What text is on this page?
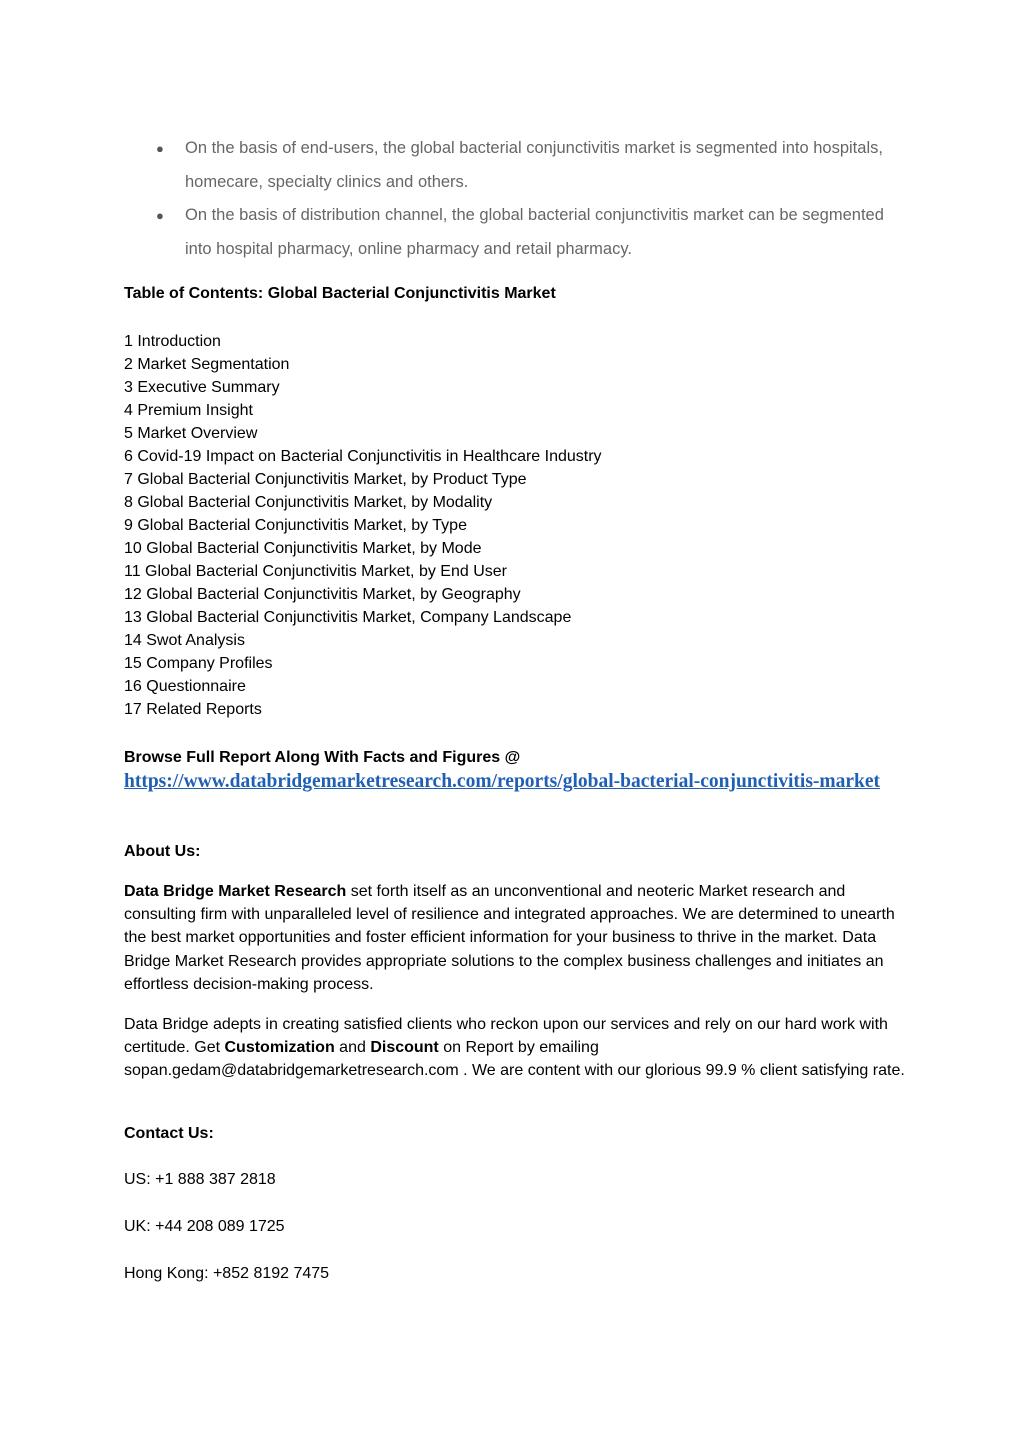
● On the basis of end-users, the global bacterial conjunctivitis market is segmented into hospitals, homecare, specialty clinics and others.
● On the basis of distribution channel, the global bacterial conjunctivitis market can be segmented into hospital pharmacy, online pharmacy and retail pharmacy.
Table of Contents: Global Bacterial Conjunctivitis Market
1 Introduction
2 Market Segmentation
3 Executive Summary
4 Premium Insight
5 Market Overview
6 Covid-19 Impact on Bacterial Conjunctivitis in Healthcare Industry
7 Global Bacterial Conjunctivitis Market, by Product Type
8 Global Bacterial Conjunctivitis Market, by Modality
9 Global Bacterial Conjunctivitis Market, by Type
10 Global Bacterial Conjunctivitis Market, by Mode
11 Global Bacterial Conjunctivitis Market, by End User
12 Global Bacterial Conjunctivitis Market, by Geography
13 Global Bacterial Conjunctivitis Market, Company Landscape
14 Swot Analysis
15 Company Profiles
16 Questionnaire
17 Related Reports
Browse Full Report Along With Facts and Figures @
https://www.databridgemarketresearch.com/reports/global-bacterial-conjunctivitis-market
About Us:

Data Bridge Market Research set forth itself as an unconventional and neoteric Market research and consulting firm with unparalleled level of resilience and integrated approaches. We are determined to unearth the best market opportunities and foster efficient information for your business to thrive in the market. Data Bridge Market Research provides appropriate solutions to the complex business challenges and initiates an effortless decision-making process.

Data Bridge adepts in creating satisfied clients who reckon upon our services and rely on our hard work with certitude. Get Customization and Discount on Report by emailing sopan.gedam@databridgemarketresearch.com . We are content with our glorious 99.9 % client satisfying rate.

Contact Us:
US: +1 888 387 2818
UK: +44 208 089 1725
Hong Kong: +852 8192 7475
